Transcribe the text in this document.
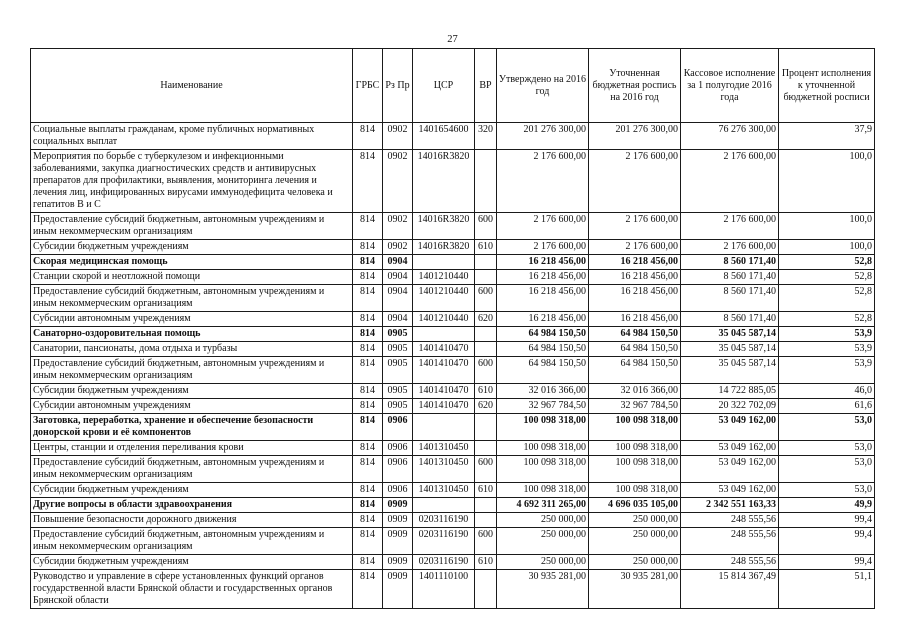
27
Наименование	ГРБС	Рз Пр	ЦСР	ВР	Утверждено на 2016 год	Уточненная бюджетная роспись на 2016 год	Кассовое исполнение за 1 полугодие 2016 года	Процент исполнения к уточненной бюджетной росписи
Социальные выплаты гражданам, кроме публичных нормативных социальных выплат	814	0902	1401654600	320	201 276 300,00	201 276 300,00	76 276 300,00	37,9
Мероприятия по борьбе с туберкулезом и инфекционными заболеваниями, закупка диагностических средств и антивирусных препаратов для профилактики, выявления, мониторинга лечения и лечения лиц, инфицированных вирусами иммунодефицита человека и гепатитов В и С	814	0902	14016R3820		2 176 600,00	2 176 600,00	2 176 600,00	100,0
Предоставление субсидий бюджетным, автономным учреждениям и иным некоммерческим организациям	814	0902	14016R3820	600	2 176 600,00	2 176 600,00	2 176 600,00	100,0
Субсидии бюджетным учреждениям	814	0902	14016R3820	610	2 176 600,00	2 176 600,00	2 176 600,00	100,0
Скорая медицинская помощь	814	0904			16 218 456,00	16 218 456,00	8 560 171,40	52,8
Станции скорой и неотложной помощи	814	0904	1401210440		16 218 456,00	16 218 456,00	8 560 171,40	52,8
Предоставление субсидий бюджетным, автономным учреждениям и иным некоммерческим организациям	814	0904	1401210440	600	16 218 456,00	16 218 456,00	8 560 171,40	52,8
Субсидии автономным учреждениям	814	0904	1401210440	620	16 218 456,00	16 218 456,00	8 560 171,40	52,8
Санаторно-оздоровительная помощь	814	0905			64 984 150,50	64 984 150,50	35 045 587,14	53,9
Санатории, пансионаты, дома отдыха и турбазы	814	0905	1401410470		64 984 150,50	64 984 150,50	35 045 587,14	53,9
Предоставление субсидий бюджетным, автономным учреждениям и иным некоммерческим организациям	814	0905	1401410470	600	64 984 150,50	64 984 150,50	35 045 587,14	53,9
Субсидии бюджетным учреждениям	814	0905	1401410470	610	32 016 366,00	32 016 366,00	14 722 885,05	46,0
Субсидии автономным учреждениям	814	0905	1401410470	620	32 967 784,50	32 967 784,50	20 322 702,09	61,6
Заготовка, переработка, хранение и обеспечение безопасности донорской крови и её компонентов	814	0906			100 098 318,00	100 098 318,00	53 049 162,00	53,0
Центры, станции и отделения переливания крови	814	0906	1401310450		100 098 318,00	100 098 318,00	53 049 162,00	53,0
Предоставление субсидий бюджетным, автономным учреждениям и иным некоммерческим организациям	814	0906	1401310450	600	100 098 318,00	100 098 318,00	53 049 162,00	53,0
Субсидии бюджетным учреждениям	814	0906	1401310450	610	100 098 318,00	100 098 318,00	53 049 162,00	53,0
Другие вопросы в области здравоохранения	814	0909			4 692 311 265,00	4 696 035 105,00	2 342 551 163,33	49,9
Повышение безопасности дорожного движения	814	0909	0203116190		250 000,00	250 000,00	248 555,56	99,4
Предоставление субсидий бюджетным, автономным учреждениям и иным некоммерческим организациям	814	0909	0203116190	600	250 000,00	250 000,00	248 555,56	99,4
Субсидии бюджетным учреждениям	814	0909	0203116190	610	250 000,00	250 000,00	248 555,56	99,4
Руководство и управление в сфере установленных функций органов государственной власти Брянской области и государственных органов Брянской области	814	0909	1401110100		30 935 281,00	30 935 281,00	15 814 367,49	51,1
